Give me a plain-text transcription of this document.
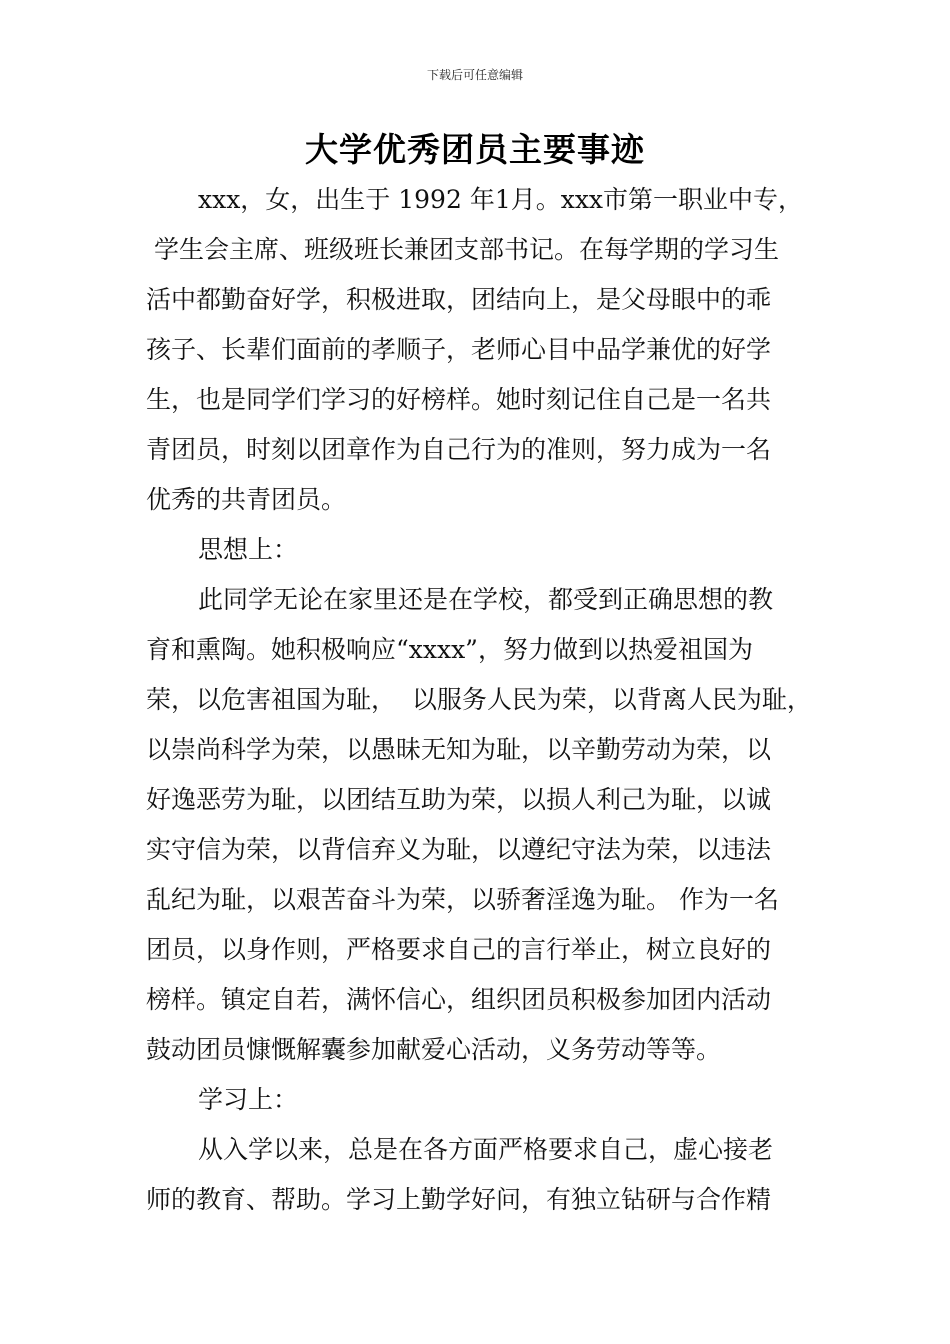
下载后可任意编辑
大学优秀团员主要事迹
xxx，女，出生于 1992 年1月。xxx市第一职业中专，
学生会主席、班级班长兼团支部书记。在每学期的学习生
活中都勤奋好学，积极进取，团结向上，是父母眼中的乖
孩子、长辈们面前的孝顺子，老师心目中品学兼优的好学
生，也是同学们学习的好榜样。她时刻记住自己是一名共
青团员，时刻以团章作为自己行为的准则，努力成为一名
优秀的共青团员。
思想上：
此同学无论在家里还是在学校，都受到正确思想的教
育和熏陶。她积极响应“xxxx”，努力做到以热爱祖国为
荣，以危害祖国为耻，  以服务人民为荣，以背离人民为耻，
以崇尚科学为荣，以愚昧无知为耻，以辛勤劳动为荣，以
好逸恶劳为耻，以团结互助为荣，以损人利己为耻，以诚
实守信为荣，以背信弃义为耻，以遵纪守法为荣，以违法
乱纪为耻，以艰苦奋斗为荣，以骄奢淫逸为耻。 作为一名
团员，以身作则，严格要求自己的言行举止，树立良好的
榜样。镇定自若，满怀信心，组织团员积极参加团内活动
鼓动团员慷慨解囊参加献爱心活动，义务劳动等等。
学习上：
从入学以来，总是在各方面严格要求自己，虚心接老
师的教育、帮助。学习上勤学好问，有独立钻研与合作精
